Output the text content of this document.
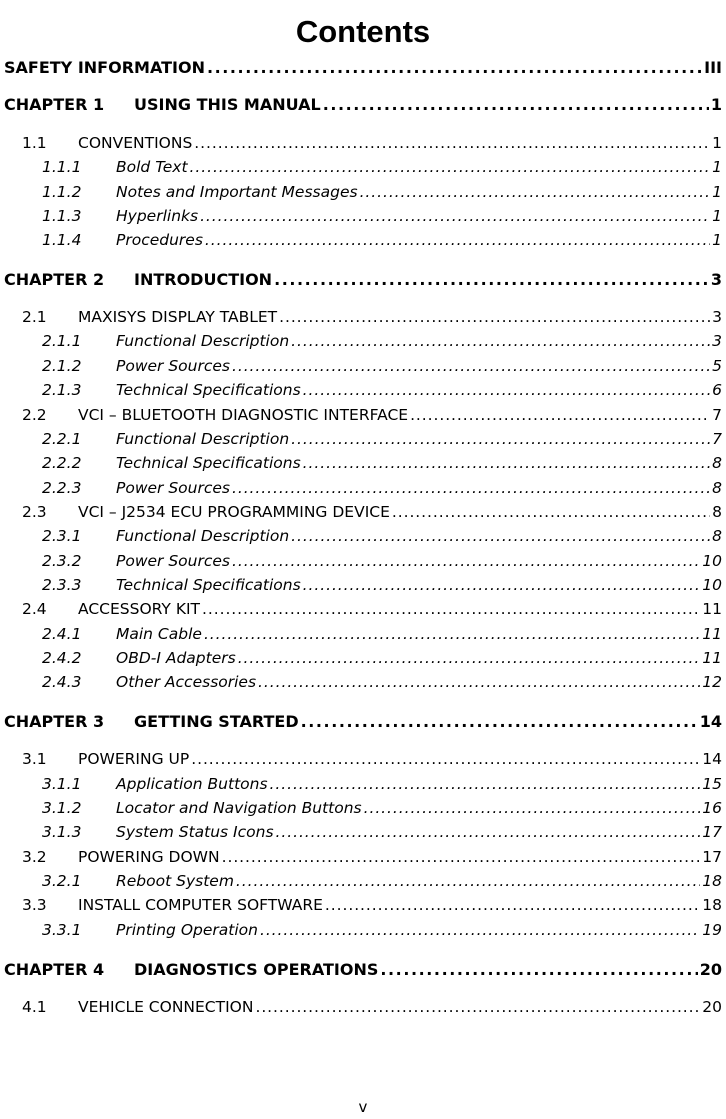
Contents
SAFETY INFORMATION . . .	III
CHAPTER 1	USING THIS MANUAL . . .	1
1.1	CONVENTIONS . . .	1
1.1.1	Bold Text . . .	1
1.1.2	Notes and Important Messages . . .	1
1.1.3	Hyperlinks . . .	1
1.1.4	Procedures . . .	1
CHAPTER 2	INTRODUCTION . . .	3
2.1	MAXISYS DISPLAY TABLET . . .	3
2.1.1	Functional Description . . .	3
2.1.2	Power Sources . . .	5
2.1.3	Technical Specifications . . .	6
2.2	VCI – BLUETOOTH DIAGNOSTIC INTERFACE . . .	7
2.2.1	Functional Description . . .	7
2.2.2	Technical Specifications . . .	8
2.2.3	Power Sources . . .	8
2.3	VCI – J2534 ECU PROGRAMMING DEVICE . . .	8
2.3.1	Functional Description . . .	8
2.3.2	Power Sources . . .	10
2.3.3	Technical Specifications . . .	10
2.4	ACCESSORY KIT . . .	11
2.4.1	Main Cable . . .	11
2.4.2	OBD-I Adapters . . .	11
2.4.3	Other Accessories . . .	12
CHAPTER 3	GETTING STARTED . . .	14
3.1	POWERING UP . . .	14
3.1.1	Application Buttons . . .	15
3.1.2	Locator and Navigation Buttons . . .	16
3.1.3	System Status Icons . . .	17
3.2	POWERING DOWN . . .	17
3.2.1	Reboot System . . .	18
3.3	INSTALL COMPUTER SOFTWARE . . .	18
3.3.1	Printing Operation . . .	19
CHAPTER 4	DIAGNOSTICS OPERATIONS . . .	20
4.1	VEHICLE CONNECTION . . .	20
v
